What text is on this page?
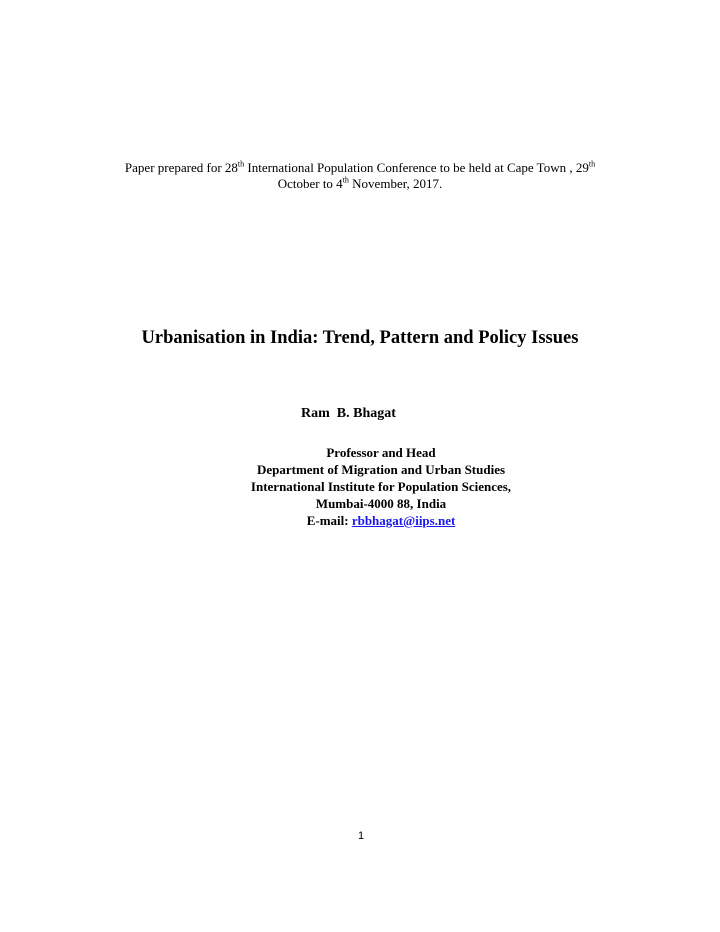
Paper prepared for 28th International Population Conference to be held at Cape Town , 29th
October to 4th November, 2017.
Urbanisation in India: Trend, Pattern and Policy Issues
Ram  B. Bhagat
Professor and Head
Department of Migration and Urban Studies
International Institute for Population Sciences,
Mumbai-4000 88, India
E-mail: rbbhagat@iips.net
1
